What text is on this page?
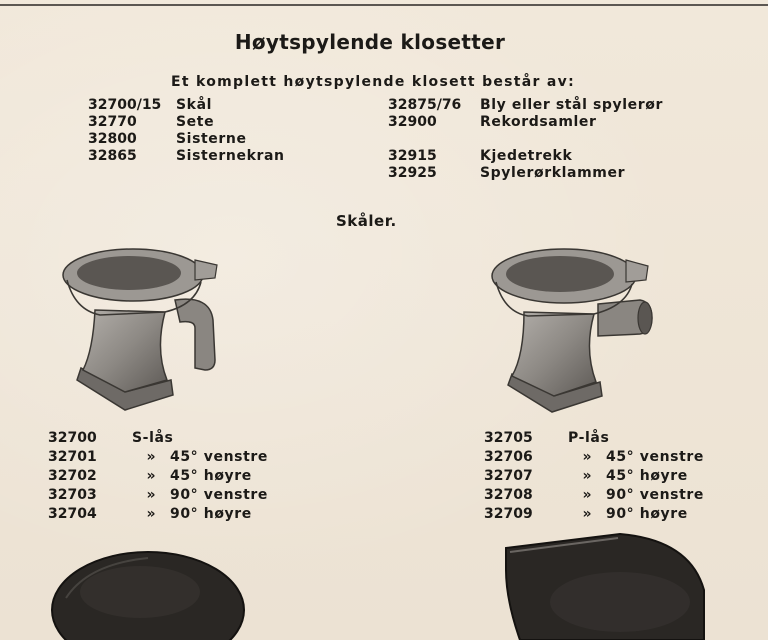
Høytspylende klosetter
Et komplett høytspylende klosett består av:
32700/15	Skål
32770	Sete
32800	Sisterne
32865	Sisternekran
32875/76	Bly eller stål spylerør
32900	Rekordsamler
32915	Kjedetrekk
32925	Spylerørklammer
Skåler.
32700	S-lås
32701	»	45° venstre
32702	»	45° høyre
32703	»	90° venstre
32704	»	90° høyre
32705	P-lås
32706	»	45° venstre
32707	»	45° høyre
32708	»	90° venstre
32709	»	90° høyre
